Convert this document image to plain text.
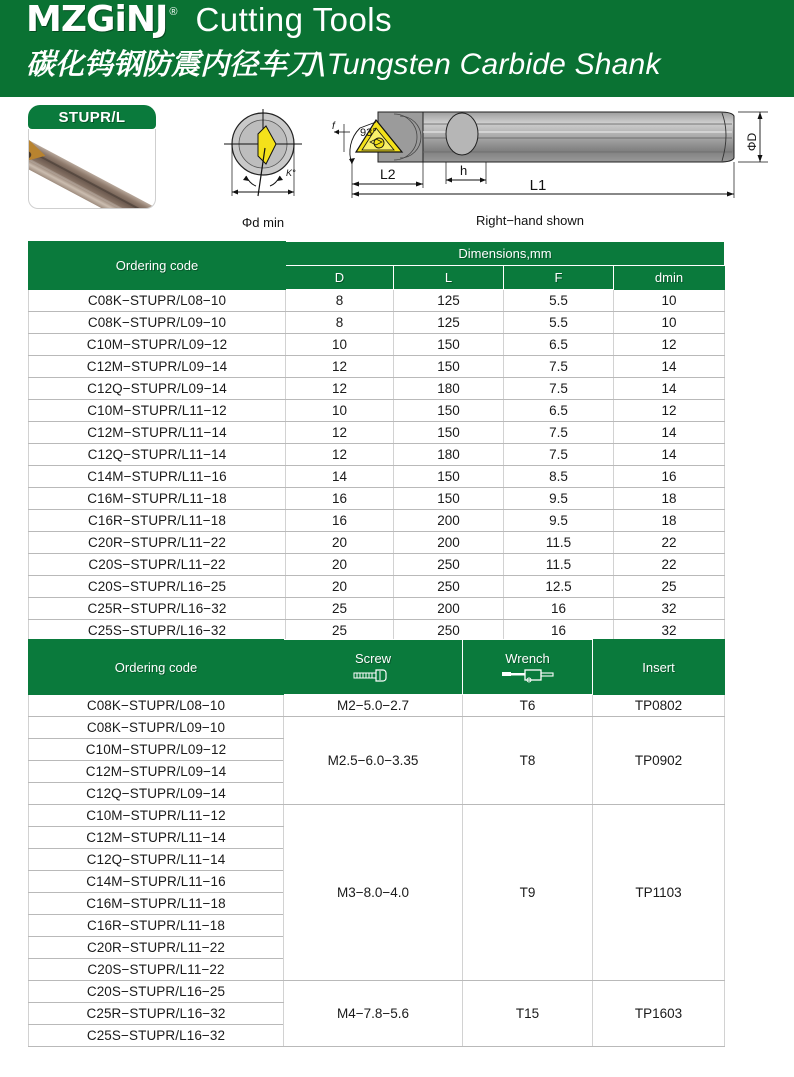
MZGiNJ ® Cutting Tools
碳化钨钢防震内径车刀\ Tungsten Carbide Shank
STUPR/L
K°
Φd min
ΦD
f
93°
L2	h
L1
Right−hand shown
Ordering code	Dimensions,mm			
	D	L	F	dmin
C08K−STUPR/L08−10	8	125	5.5	10
C08K−STUPR/L09−10	8	125	5.5	10
C10M−STUPR/L09−12	10	150	6.5	12
C12M−STUPR/L09−14	12	150	7.5	14
C12Q−STUPR/L09−14	12	180	7.5	14
C10M−STUPR/L11−12	10	150	6.5	12
C12M−STUPR/L11−14	12	150	7.5	14
C12Q−STUPR/L11−14	12	180	7.5	14
C14M−STUPR/L11−16	14	150	8.5	16
C16M−STUPR/L11−18	16	150	9.5	18
C16R−STUPR/L11−18	16	200	9.5	18
C20R−STUPR/L11−22	20	200	11.5	22
C20S−STUPR/L11−22	20	250	11.5	22
C20S−STUPR/L16−25	20	250	12.5	25
C25R−STUPR/L16−32	25	200	16	32
C25S−STUPR/L16−32	25	250	16	32
Ordering code	Screw	Wrench	Insert
C08K−STUPR/L08−10	M2−5.0−2.7	T6	TP0802
C08K−STUPR/L09−10	M2.5−6.0−3.35	T8	TP0902
C10M−STUPR/L09−12			
C12M−STUPR/L09−14			
C12Q−STUPR/L09−14			
C10M−STUPR/L11−12	M3−8.0−4.0	T9	TP1103
C12M−STUPR/L11−14			
C12Q−STUPR/L11−14			
C14M−STUPR/L11−16			
C16M−STUPR/L11−18			
C16R−STUPR/L11−18			
C20R−STUPR/L11−22			
C20S−STUPR/L11−22			
C20S−STUPR/L16−25	M4−7.8−5.6	T15	TP1603
C25R−STUPR/L16−32			
C25S−STUPR/L16−32			
